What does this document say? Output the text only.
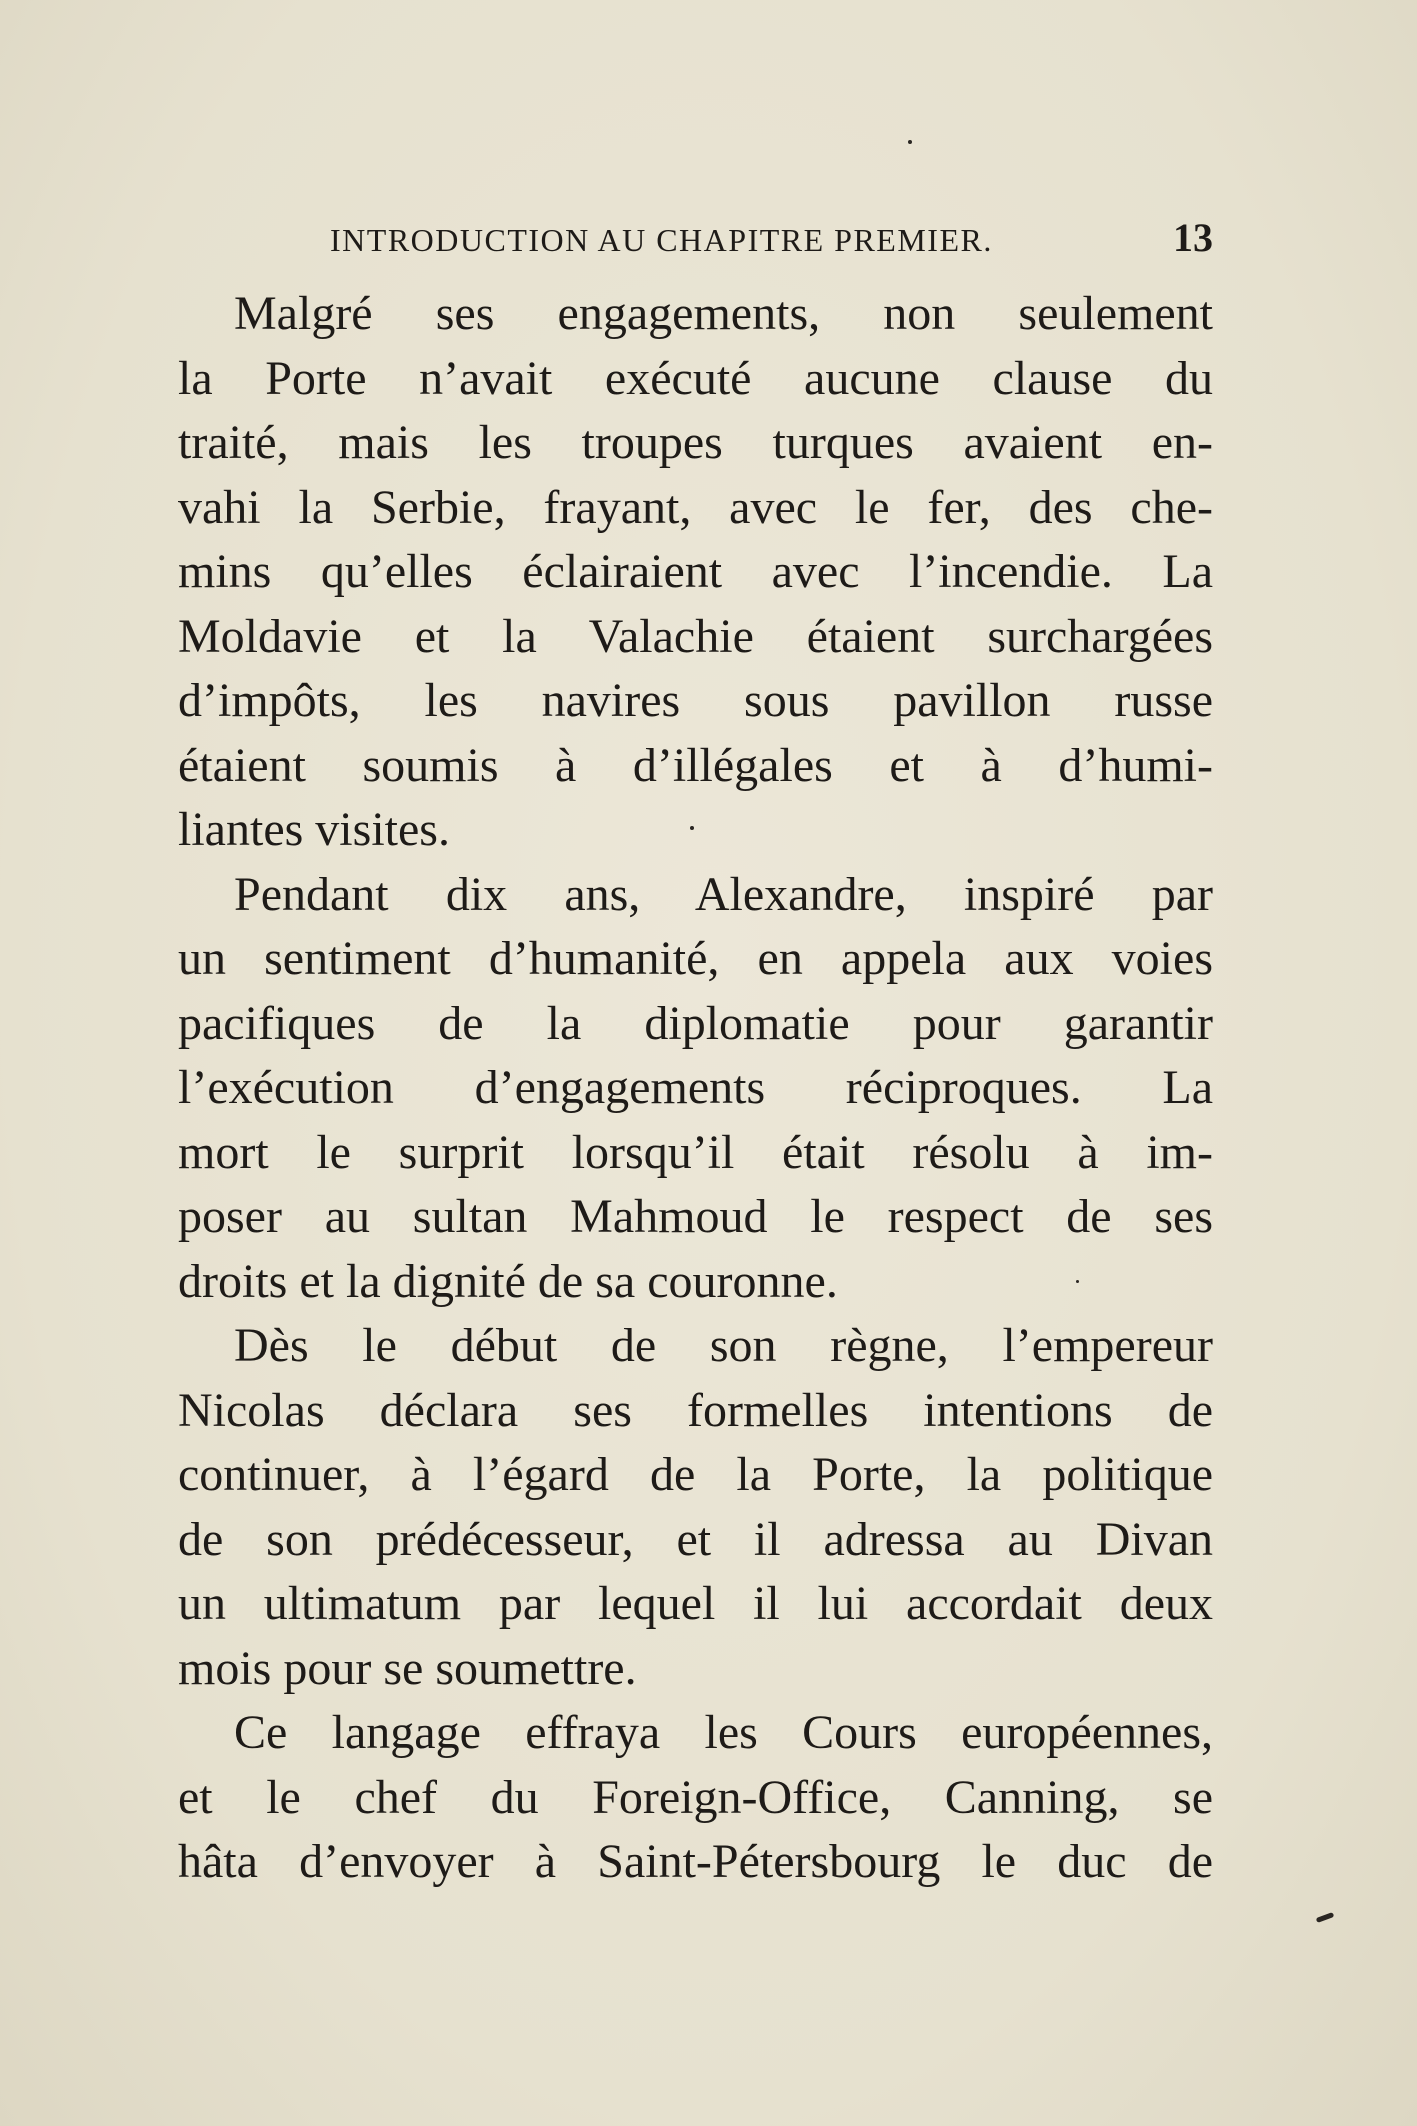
INTRODUCTION AU CHAPITRE PREMIER.	13
Malgré ses engagements, non seulement
la Porte n’avait exécuté aucune clause du
traité, mais les troupes turques avaient en-
vahi la Serbie, frayant, avec le fer, des che-
mins qu’elles éclairaient avec l’incendie. La
Moldavie et la Valachie étaient surchargées
d’impôts, les navires sous pavillon russe
étaient soumis à d’illégales et à d’humi-
liantes visites.
Pendant dix ans, Alexandre, inspiré par
un sentiment d’humanité, en appela aux voies
pacifiques de la diplomatie pour garantir
l’exécution d’engagements réciproques. La
mort le surprit lorsqu’il était résolu à im-
poser au sultan Mahmoud le respect de ses
droits et la dignité de sa couronne.
Dès le début de son règne, l’empereur
Nicolas déclara ses formelles intentions de
continuer, à l’égard de la Porte, la politique
de son prédécesseur, et il adressa au Divan
un ultimatum par lequel il lui accordait deux
mois pour se soumettre.
Ce langage effraya les Cours européennes,
et le chef du Foreign-Office, Canning, se
hâta d’envoyer à Saint-Pétersbourg le duc de
